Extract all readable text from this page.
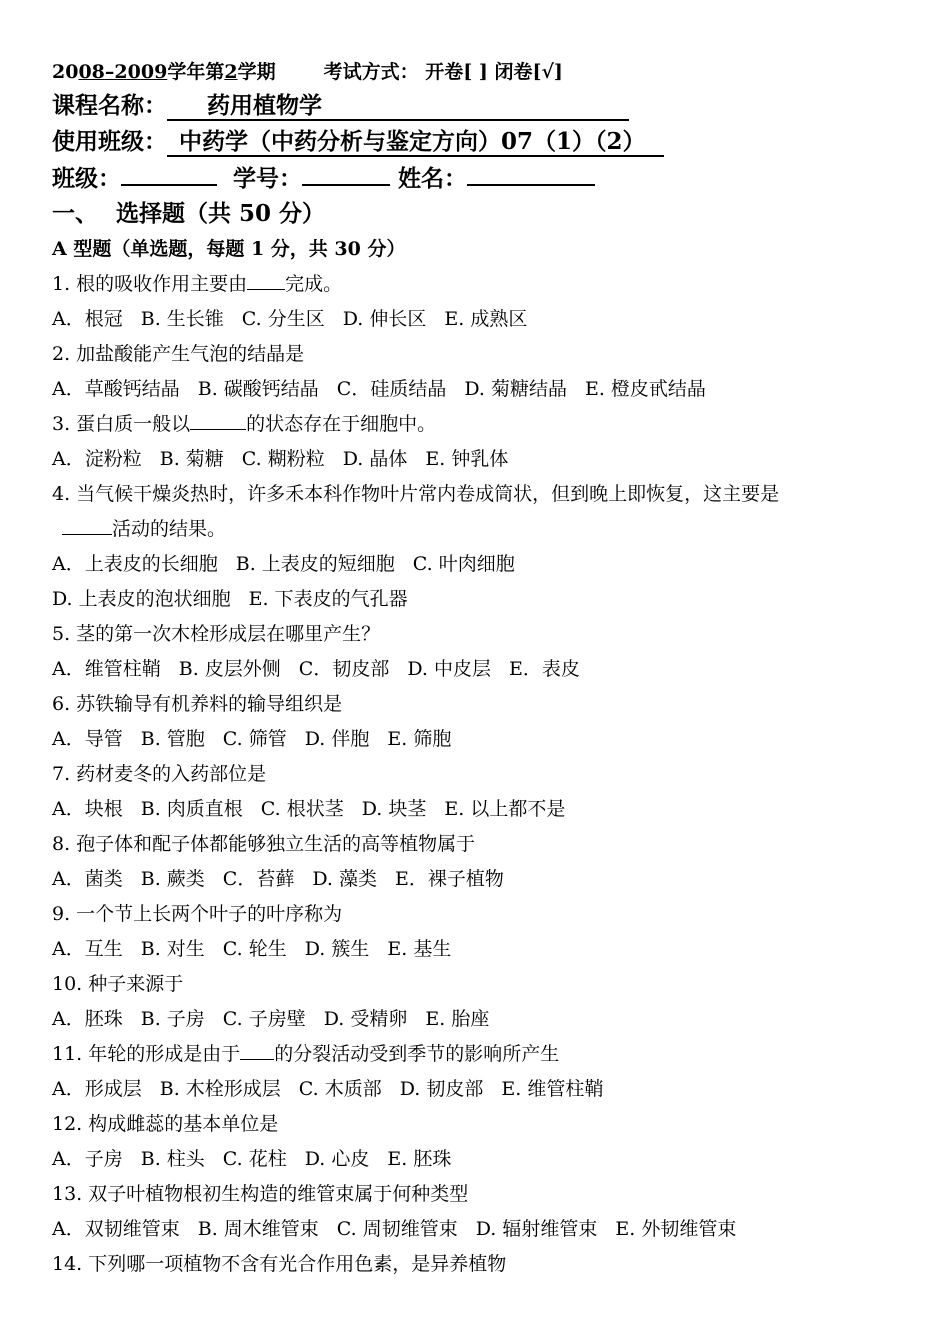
2008–2009学年第2学期	考试方式： 开卷[ ] 闭卷[√]
课程名称： 药用植物学
使用班级： 中药学（中药分析与鉴定方向）07（1）（2）
班级：	学号：	姓名：
一、 选择题（共 50 分）
A 型题（单选题，每题 1 分，共 30 分）
1. 根的吸收作用主要由 完成。
A．根冠 B. 生长锥 C. 分生区 D. 伸长区 E. 成熟区
2. 加盐酸能产生气泡的结晶是
A．草酸钙结晶 B. 碳酸钙结晶 C．硅质结晶 D. 菊糖结晶 E. 橙皮甙结晶
3. 蛋白质一般以	的状态存在于细胞中。
A．淀粉粒 B. 菊糖 C. 糊粉粒 D. 晶体 E. 钟乳体
4. 当气候干燥炎热时，许多禾本科作物叶片常内卷成筒状，但到晚上即恢复，这主要是
活动的结果。
A．上表皮的长细胞 B. 上表皮的短细胞 C. 叶肉细胞
D. 上表皮的泡状细胞 E. 下表皮的气孔器
5. 茎的第一次木栓形成层在哪里产生？
A．维管柱鞘 B. 皮层外侧 C．韧皮部 D. 中皮层 E．表皮
6. 苏铁输导有机养料的输导组织是
A．导管 B. 管胞 C. 筛管 D. 伴胞 E. 筛胞
7. 药材麦冬的入药部位是
A．块根 B. 肉质直根 C. 根状茎 D. 块茎 E. 以上都不是
8. 孢子体和配子体都能够独立生活的高等植物属于
A．菌类 B. 蕨类 C．苔藓 D. 藻类 E．裸子植物
9. 一个节上长两个叶子的叶序称为
A．互生 B. 对生 C. 轮生 D. 簇生 E. 基生
10. 种子来源于
A．胚珠 B. 子房 C. 子房壁 D. 受精卵 E. 胎座
11. 年轮的形成是由于 的分裂活动受到季节的影响所产生
A．形成层 B. 木栓形成层 C. 木质部 D. 韧皮部 E. 维管柱鞘
12. 构成雌蕊的基本单位是
A．子房 B. 柱头 C. 花柱 D. 心皮 E. 胚珠
13. 双子叶植物根初生构造的维管束属于何种类型
A．双韧维管束 B. 周木维管束 C. 周韧维管束 D. 辐射维管束 E. 外韧维管束
14. 下列哪一项植物不含有光合作用色素，是异养植物
